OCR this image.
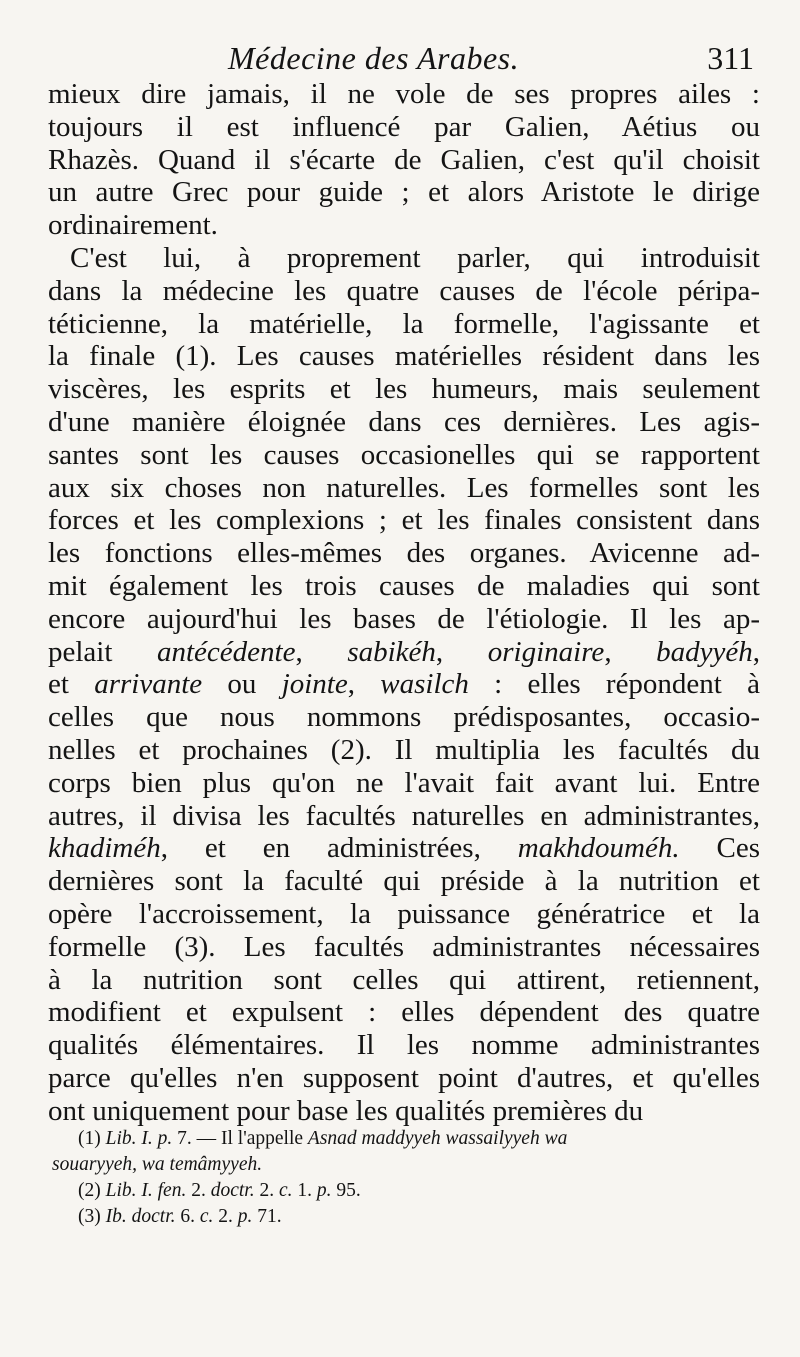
Médecine des Arabes.	311
mieux dire jamais, il ne vole de ses propres ailes :
toujours il est influencé par Galien, Aétius ou
Rhazès. Quand il s'écarte de Galien, c'est qu'il choisit
un autre Grec pour guide ; et alors Aristote le dirige
ordinairement.
C'est lui, à proprement parler, qui introduisit
dans la médecine les quatre causes de l'école péripa-
téticienne, la matérielle, la formelle, l'agissante et
la finale (1). Les causes matérielles résident dans les
viscères, les esprits et les humeurs, mais seulement
d'une manière éloignée dans ces dernières. Les agis-
santes sont les causes occasionelles qui se rapportent
aux six choses non naturelles. Les formelles sont les
forces et les complexions ; et les finales consistent dans
les fonctions elles-mêmes des organes. Avicenne ad-
mit également les trois causes de maladies qui sont
encore aujourd'hui les bases de l'étiologie. Il les ap-
pelait antécédente, sabikéh, originaire, badyyéh,
et arrivante ou jointe, wasilch : elles répondent à
celles que nous nommons prédisposantes, occasio-
nelles et prochaines (2). Il multiplia les facultés du
corps bien plus qu'on ne l'avait fait avant lui. Entre
autres, il divisa les facultés naturelles en administrantes,
khadiméh, et en administrées, makhdouméh. Ces
dernières sont la faculté qui préside à la nutrition et
opère l'accroissement, la puissance génératrice et la
formelle (3). Les facultés administrantes nécessaires
à la nutrition sont celles qui attirent, retiennent,
modifient et expulsent : elles dépendent des quatre
qualités élémentaires. Il les nomme administrantes
parce qu'elles n'en supposent point d'autres, et qu'elles
ont uniquement pour base les qualités premières du
(1) Lib. I. p. 7. — Il l'appelle Asnad maddyyeh wassailyyeh wa
souaryyeh, wa temâmyyeh.
(2) Lib. I. fen. 2. doctr. 2. c. 1. p. 95.
(3) Ib. doctr. 6. c. 2. p. 71.
